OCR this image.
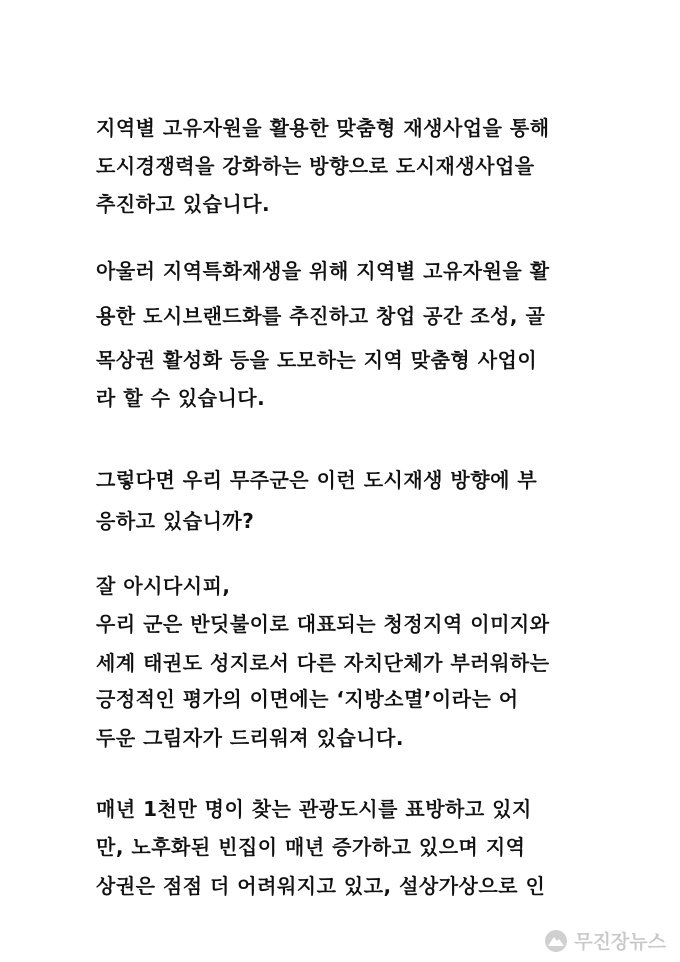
지역별 고유자원을 활용한 맞춤형 재생사업을 통해
도시경쟁력을 강화하는 방향으로 도시재생사업을
추진하고 있습니다.
아울러 지역특화재생을 위해 지역별 고유자원을 활
용한 도시브랜드화를 추진하고 창업 공간 조성, 골
목상권 활성화 등을 도모하는 지역 맞춤형 사업이
라 할 수 있습니다.
그렇다면 우리 무주군은 이런 도시재생 방향에 부
응하고 있습니까?
잘 아시다시피,
우리 군은 반딧불이로 대표되는 청정지역 이미지와
세계 태권도 성지로서 다른 자치단체가 부러워하는
긍정적인 평가의 이면에는 ‘지방소멸’이라는 어
두운 그림자가 드리워져 있습니다.
매년 1천만 명이 찾는 관광도시를 표방하고 있지
만, 노후화된 빈집이 매년 증가하고 있으며 지역
상권은 점점 더 어려워지고 있고, 설상가상으로 인
무진장뉴스
